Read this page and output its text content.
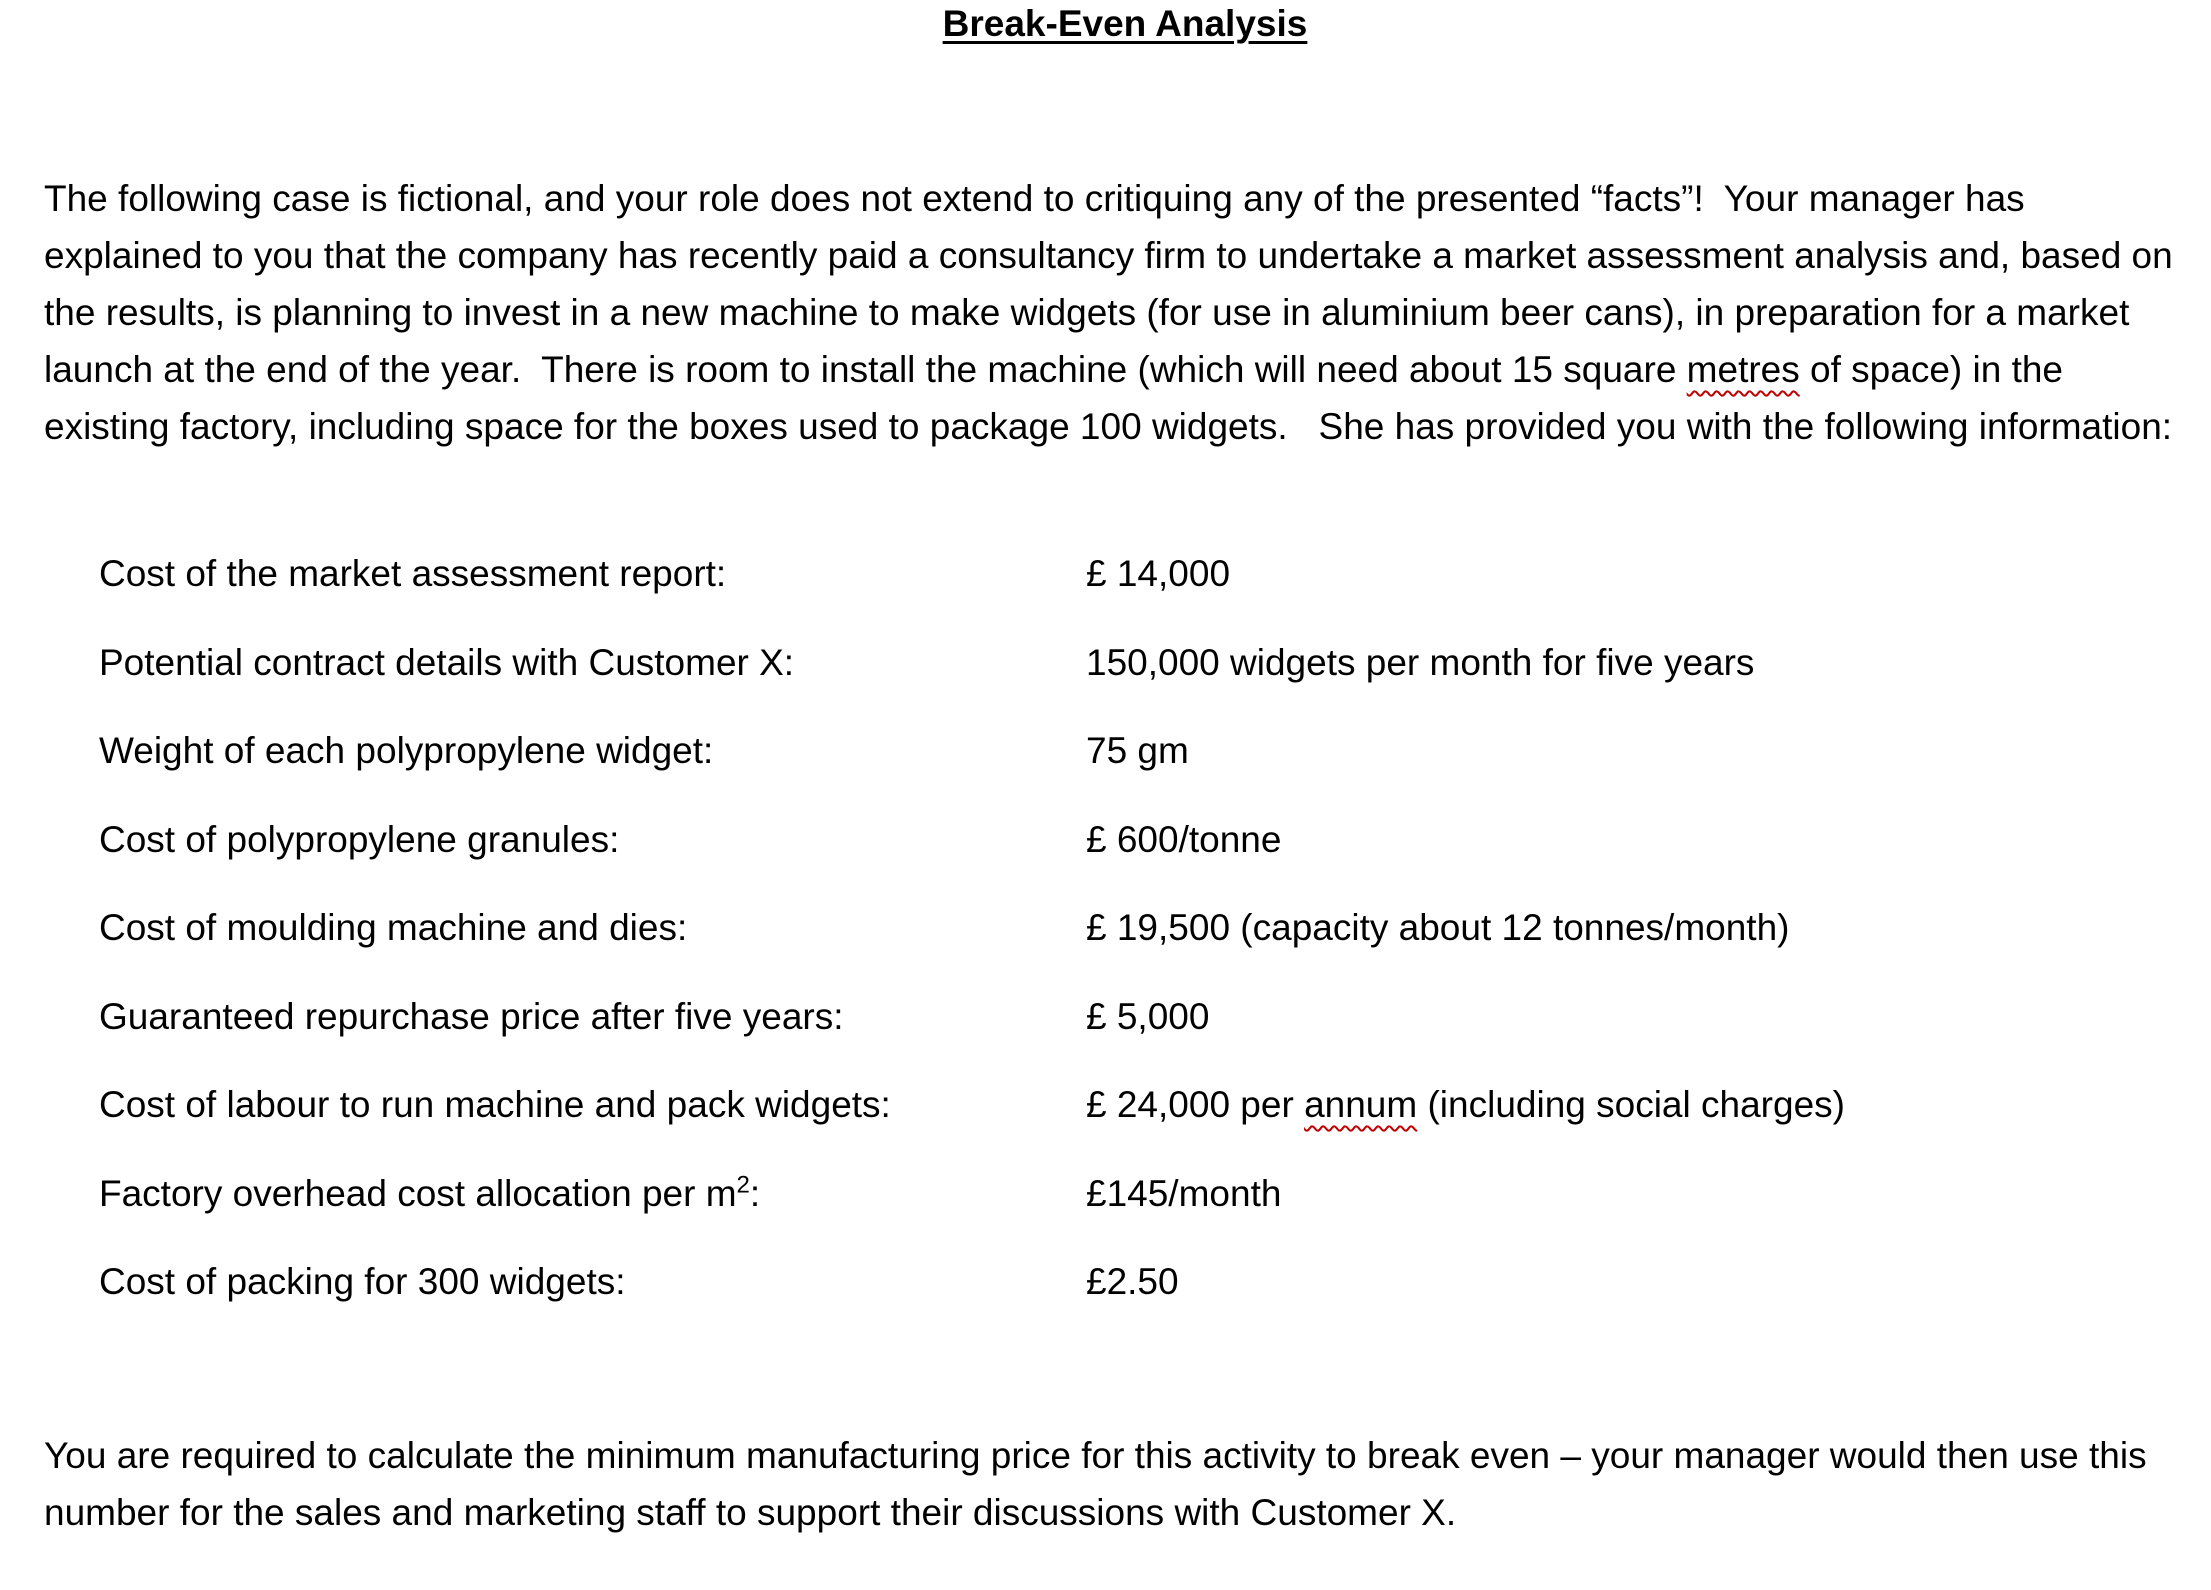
Break-Even Analysis

The following case is fictional, and your role does not extend to critiquing any of the presented “facts”!  Your manager has explained to you that the company has recently paid a consultancy firm to undertake a market assessment analysis and, based on the results, is planning to invest in a new machine to make widgets (for use in aluminium beer cans), in preparation for a market launch at the end of the year.  There is room to install the machine (which will need about 15 square metres of space) in the existing factory, including space for the boxes used to package 100 widgets.   She has provided you with the following information:

Cost of the market assessment report:	£ 14,000
Potential contract details with Customer X:	150,000 widgets per month for five years
Weight of each polypropylene widget:	75 gm
Cost of polypropylene granules:	£ 600/tonne
Cost of moulding machine and dies:	£ 19,500 (capacity about 12 tonnes/month)
Guaranteed repurchase price after five years:	£ 5,000
Cost of labour to run machine and pack widgets:	£ 24,000 per annum (including social charges)
Factory overhead cost allocation per $m^2$:	£145/month
Cost of packing for 300 widgets:	£2.50

You are required to calculate the minimum manufacturing price for this activity to break even – your manager would then use this number for the sales and marketing staff to support their discussions with Customer X.
